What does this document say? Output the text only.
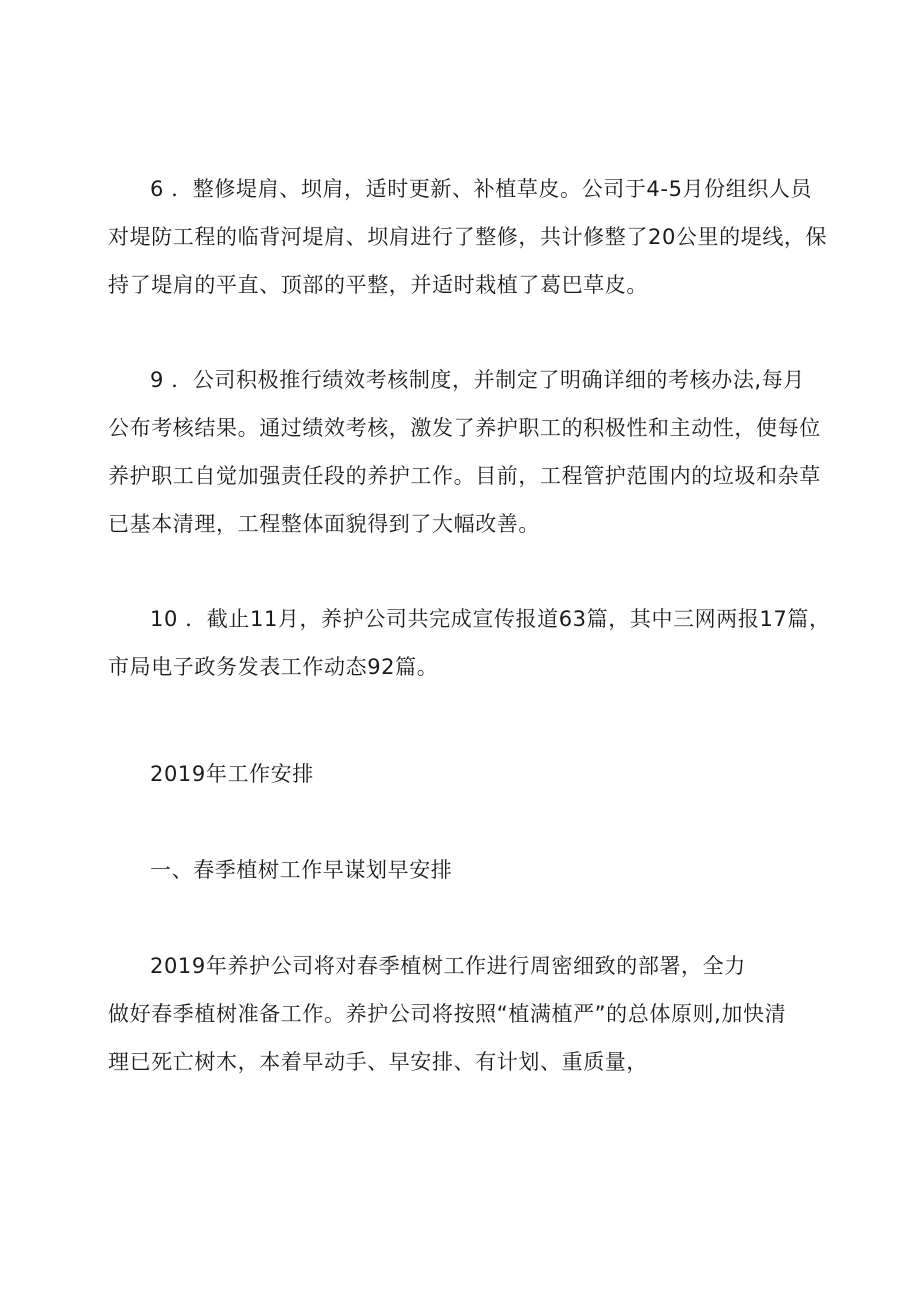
6 ．整修堤肩、坝肩，适时更新、补植草皮。公司于4-5月份组织人员
对堤防工程的临背河堤肩、坝肩进行了整修，共计修整了20公里的堤线，保
持了堤肩的平直、顶部的平整，并适时栽植了葛巴草皮。
9 ．公司积极推行绩效考核制度，并制定了明确详细的考核办法,每月
公布考核结果。通过绩效考核，激发了养护职工的积极性和主动性，使每位
养护职工自觉加强责任段的养护工作。目前，工程管护范围内的垃圾和杂草
已基本清理，工程整体面貌得到了大幅改善。
10 ．截止11月，养护公司共完成宣传报道63篇，其中三网两报17篇，
市局电子政务发表工作动态92篇。
2019年工作安排
一、春季植树工作早谋划早安排
2019年养护公司将对春季植树工作进行周密细致的部署，全力
做好春季植树准备工作。养护公司将按照“植满植严”的总体原则,加快清
理已死亡树木，本着早动手、早安排、有计划、重质量，
